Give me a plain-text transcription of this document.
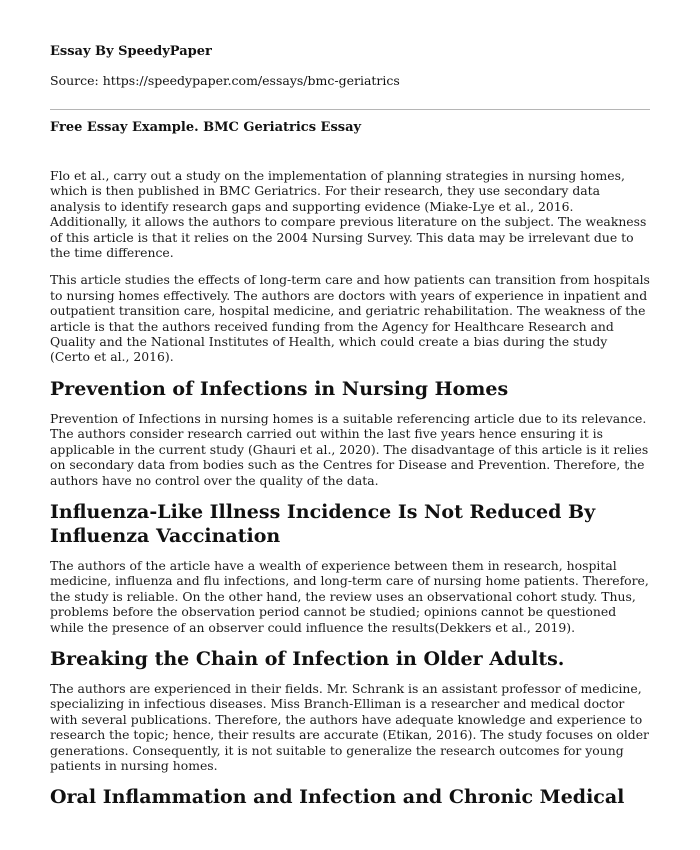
Essay By SpeedyPaper

Source: https://speedypaper.com/essays/bmc-geriatrics

Free Essay Example. BMC Geriatrics Essay

Flo et al., carry out a study on the implementation of planning strategies in nursing homes, which is then published in BMC Geriatrics. For their research, they use secondary data analysis to identify research gaps and supporting evidence (Miake-Lye et al., 2016. Additionally, it allows the authors to compare previous literature on the subject. The weakness of this article is that it relies on the 2004 Nursing Survey. This data may be irrelevant due to the time difference.

This article studies the effects of long-term care and how patients can transition from hospitals to nursing homes effectively. The authors are doctors with years of experience in inpatient and outpatient transition care, hospital medicine, and geriatric rehabilitation. The weakness of the article is that the authors received funding from the Agency for Healthcare Research and Quality and the National Institutes of Health, which could create a bias during the study (Certo et al., 2016).

Prevention of Infections in Nursing Homes

Prevention of Infections in nursing homes is a suitable referencing article due to its relevance. The authors consider research carried out within the last five years hence ensuring it is applicable in the current study (Ghauri et al., 2020). The disadvantage of this article is it relies on secondary data from bodies such as the Centres for Disease and Prevention. Therefore, the authors have no control over the quality of the data.

Influenza-Like Illness Incidence Is Not Reduced By Influenza Vaccination

The authors of the article have a wealth of experience between them in research, hospital medicine, influenza and flu infections, and long-term care of nursing home patients. Therefore, the study is reliable. On the other hand, the review uses an observational cohort study. Thus, problems before the observation period cannot be studied; opinions cannot be questioned while the presence of an observer could influence the results(Dekkers et al., 2019).

Breaking the Chain of Infection in Older Adults.

The authors are experienced in their fields. Mr. Schrank is an assistant professor of medicine, specializing in infectious diseases. Miss Branch-Elliman is a researcher and medical doctor with several publications. Therefore, the authors have adequate knowledge and experience to research the topic; hence, their results are accurate (Etikan, 2016). The study focuses on older generations. Consequently, it is not suitable to generalize the research outcomes for young patients in nursing homes.

Oral Inflammation and Infection and Chronic Medical
